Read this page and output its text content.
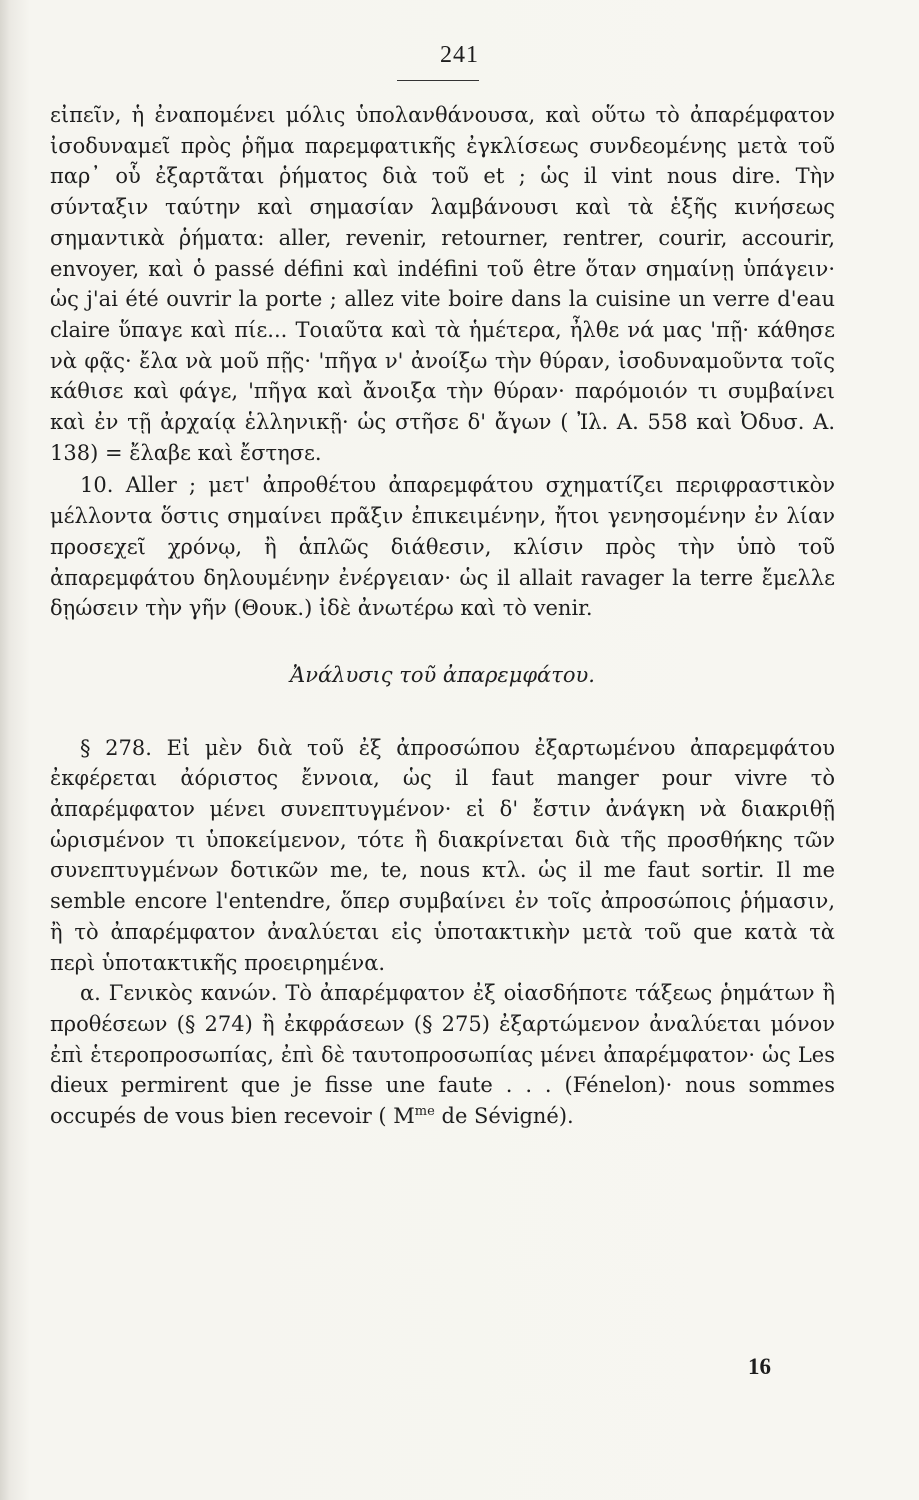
241

εἰπεῖν, ἡ ἐναπομένει μόλις ὑπολανθάνουσα, καὶ οὕτω τὸ ἀπαρέμφατον ἰσοδυναμεῖ πρὸς ῥῆμα παρεμφατικῆς ἐγκλίσεως συνδεομένης μετὰ τοῦ παρ᾽ οὗ ἐξαρτᾶται ῥήματος διὰ τοῦ et ; ὡς il vint nous dire. Τὴν σύνταξιν ταύτην καὶ σημασίαν λαμβάνουσι καὶ τὰ ἑξῆς κινήσεως σημαντικὰ ῥήματα: aller, revenir, retourner, rentrer, courir, accourir, envoyer, καὶ ὁ passé défini καὶ indéfini τοῦ être ὅταν σημαίνῃ ὑπάγειν· ὡς j'ai été ouvrir la porte ; allez vite boire dans la cuisine un verre d'eau claire ὕπαγε καὶ πίε... Τοιαῦτα καὶ τὰ ἡμέτερα, ἦλθε νά μας 'πῇ· κάθησε νὰ φᾷς· ἔλα νὰ μοῦ πῇς· 'πῆγα ν' ἀνοίξω τὴν θύραν, ἰσοδυναμοῦντα τοῖς κάθισε καὶ φάγε, 'πῆγα καὶ ἄνοιξα τὴν θύραν· παρόμοιόν τι συμβαίνει καὶ ἐν τῇ ἀρχαίᾳ ἑλληνικῇ· ὡς στῆσε δ' ἄγων ( Ἰλ. Α. 558 καὶ Ὀδυσ. Α. 138) = ἔλαβε καὶ ἔστησε.

10. Aller ; μετ' ἀπροθέτου ἀπαρεμφάτου σχηματίζει περιφραστικὸν μέλλοντα ὅστις σημαίνει πρᾶξιν ἐπικειμένην, ἤτοι γενησομένην ἐν λίαν προσεχεῖ χρόνῳ, ἢ ἁπλῶς διάθεσιν, κλίσιν πρὸς τὴν ὑπὸ τοῦ ἀπαρεμφάτου δηλουμένην ἐνέργειαν· ὡς il allait ravager la terre ἔμελλε δῃώσειν τὴν γῆν (Θουκ.) ἰδὲ ἀνωτέρω καὶ τὸ venir.

Ἀνάλυσις τοῦ ἀπαρεμφάτου.

§ 278. Εἰ μὲν διὰ τοῦ ἐξ ἀπροσώπου ἐξαρτωμένου ἀπαρεμφάτου ἐκφέρεται ἀόριστος ἔννοια, ὡς il faut manger pour vivre τὸ ἀπαρέμφατον μένει συνεπτυγμένον· εἰ δ' ἔστιν ἀνάγκη νὰ διακριθῇ ὡρισμένον τι ὑποκείμενον, τότε ἢ διακρίνεται διὰ τῆς προσθήκης τῶν συνεπτυγμένων δοτικῶν me, te, nous κτλ. ὡς il me faut sortir. Il me semble encore l'entendre, ὅπερ συμβαίνει ἐν τοῖς ἀπροσώποις ῥήμασιν, ἢ τὸ ἀπαρέμφατον ἀναλύεται εἰς ὑποτακτικὴν μετὰ τοῦ que κατὰ τὰ περὶ ὑποτακτικῆς προειρημένα.

α. Γενικὸς κανών. Τὸ ἀπαρέμφατον ἐξ οἱασδήποτε τάξεως ῥημάτων ἢ προθέσεων (§ 274) ἢ ἐκφράσεων (§ 275) ἐξαρτώμενον ἀναλύεται μόνον ἐπὶ ἑτεροπροσωπίας, ἐπὶ δὲ ταυτοπροσωπίας μένει ἀπαρέμφατον· ὡς Les dieux permirent que je fisse une faute . . . (Fénelon)· nous sommes occupés de vous bien recevoir ( $M^{me}$ de Sévigné).

16
